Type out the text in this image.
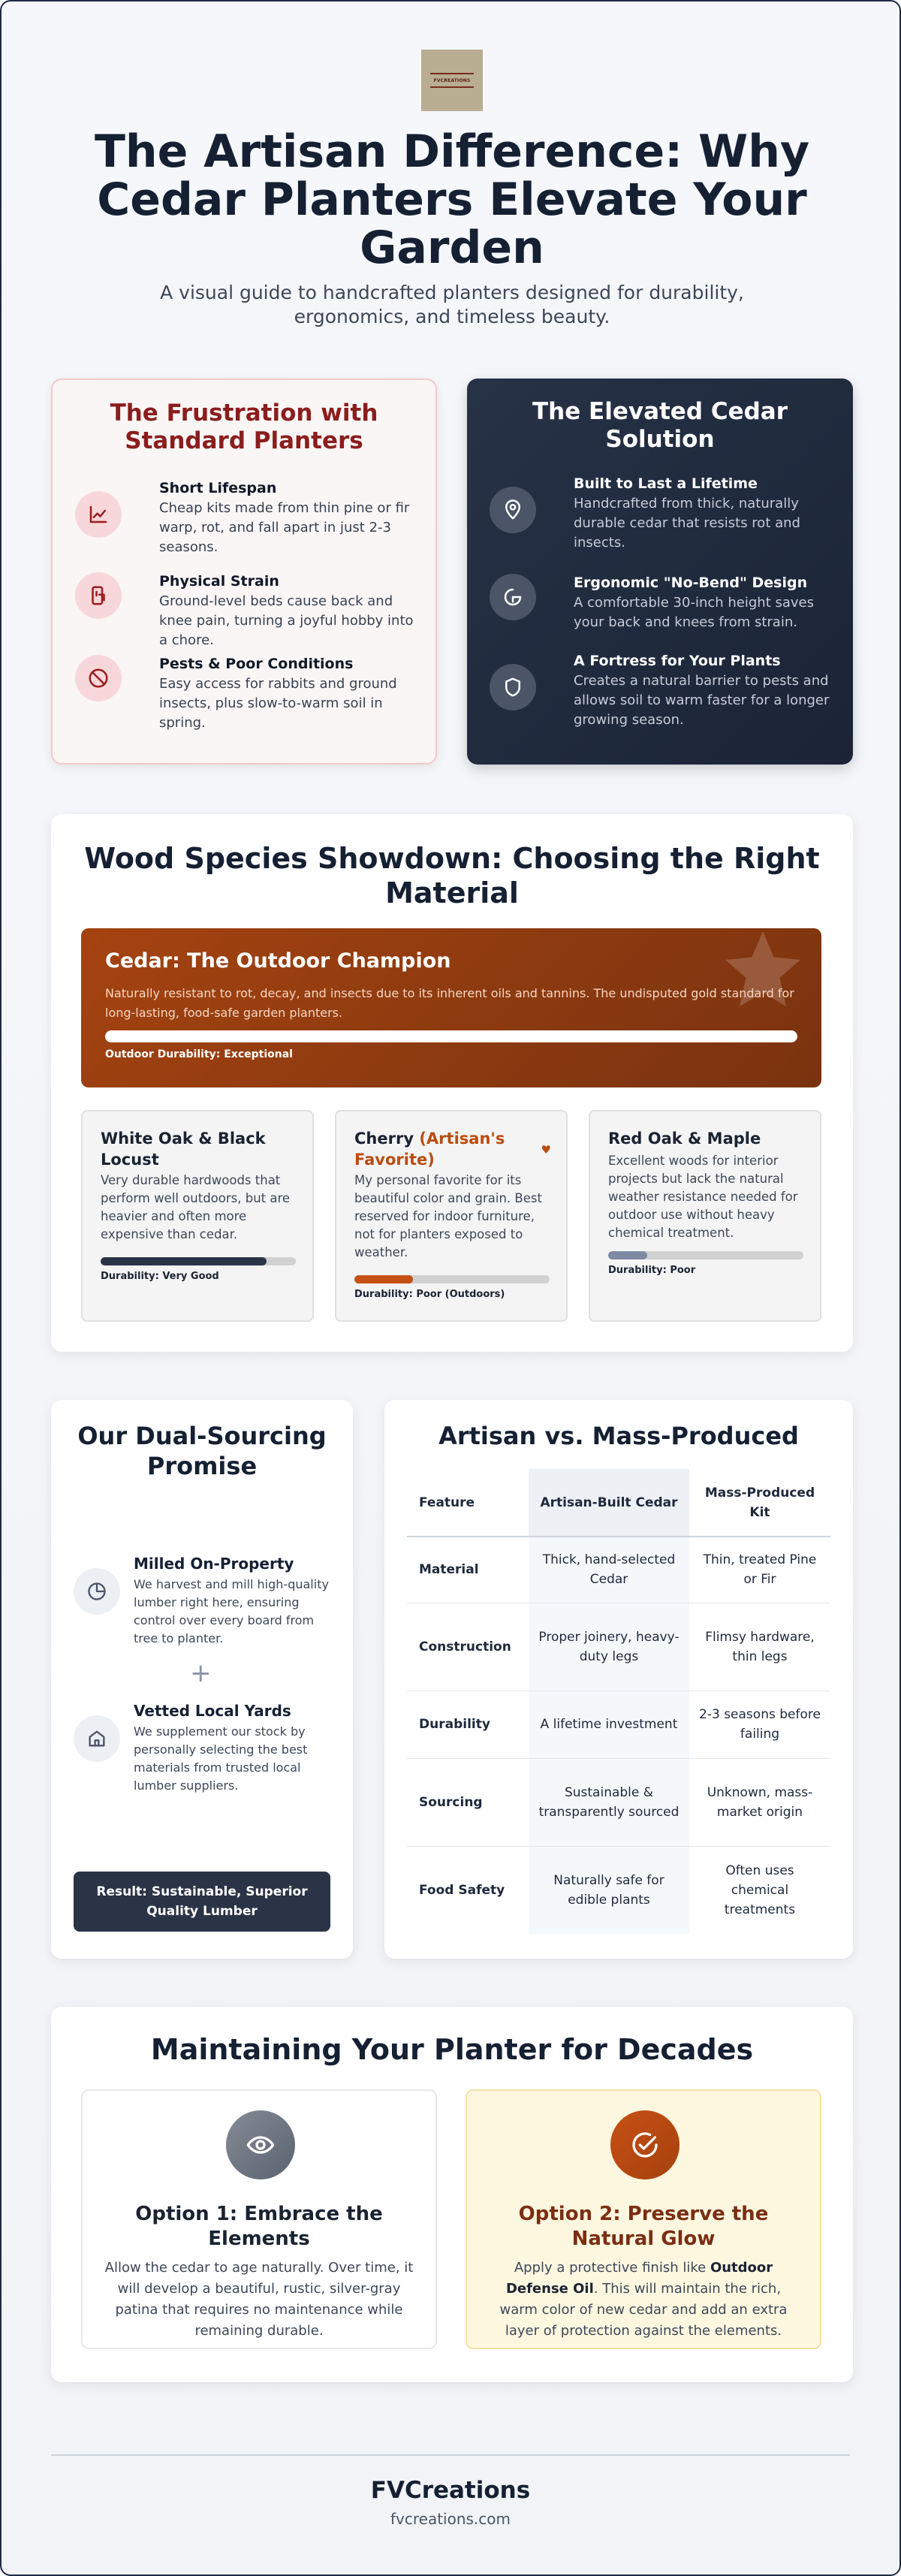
FVCREATIONS
The Artisan Difference: Why Cedar Planters Elevate Your Garden

A visual guide to handcrafted planters designed for durability, ergonomics, and timeless beauty.

The Frustration with Standard Planters
Short Lifespan
Cheap kits made from thin pine or fir warp, rot, and fall apart in just 2-3 seasons.
Physical Strain
Ground-level beds cause back and knee pain, turning a joyful hobby into a chore.
Pests & Poor Conditions
Easy access for rabbits and ground insects, plus slow-to-warm soil in spring.
The Elevated Cedar Solution
Built to Last a Lifetime
Handcrafted from thick, naturally durable cedar that resists rot and insects.
Ergonomic "No-Bend" Design
A comfortable 30-inch height saves your back and knees from strain.
A Fortress for Your Plants
Creates a natural barrier to pests and allows soil to warm faster for a longer growing season.
Wood Species Showdown: Choosing the Right Material
Cedar: The Outdoor Champion
Naturally resistant to rot, decay, and insects due to its inherent oils and tannins. The undisputed gold standard for long-lasting, food-safe garden planters.
Outdoor Durability: Exceptional
White Oak & Black Locust
Very durable hardwoods that perform well outdoors, but are heavier and often more expensive than cedar.
Durability: Very Good
Cherry (Artisan's Favorite)
♥
My personal favorite for its beautiful color and grain. Best reserved for indoor furniture, not for planters exposed to weather.
Durability: Poor (Outdoors)
Red Oak & Maple
Excellent woods for interior projects but lack the natural weather resistance needed for outdoor use without heavy chemical treatment.
Durability: Poor
Our Dual-Sourcing Promise
Milled On-Property
We harvest and mill high-quality lumber right here, ensuring control over every board from tree to planter.
+
Vetted Local Yards
We supplement our stock by personally selecting the best materials from trusted local lumber suppliers.
Result: Sustainable, Superior Quality Lumber
Artisan vs. Mass-Produced
Feature	Artisan-Built Cedar	Mass-Produced Kit
Material	Thick, hand-selected Cedar	Thin, treated Pine or Fir
Construction	Proper joinery, heavy-duty legs	Flimsy hardware, thin legs
Durability	A lifetime investment	2-3 seasons before failing
Sourcing	Sustainable & transparently sourced	Unknown, mass-market origin
Food Safety	Naturally safe for edible plants	Often uses chemical treatments
Maintaining Your Planter for Decades
Option 1: Embrace the Elements
Allow the cedar to age naturally. Over time, it will develop a beautiful, rustic, silver-gray patina that requires no maintenance while remaining durable.
Option 2: Preserve the Natural Glow
Apply a protective finish like Outdoor Defense Oil. This will maintain the rich, warm color of new cedar and add an extra layer of protection against the elements.
FVCreations
fvcreations.com
